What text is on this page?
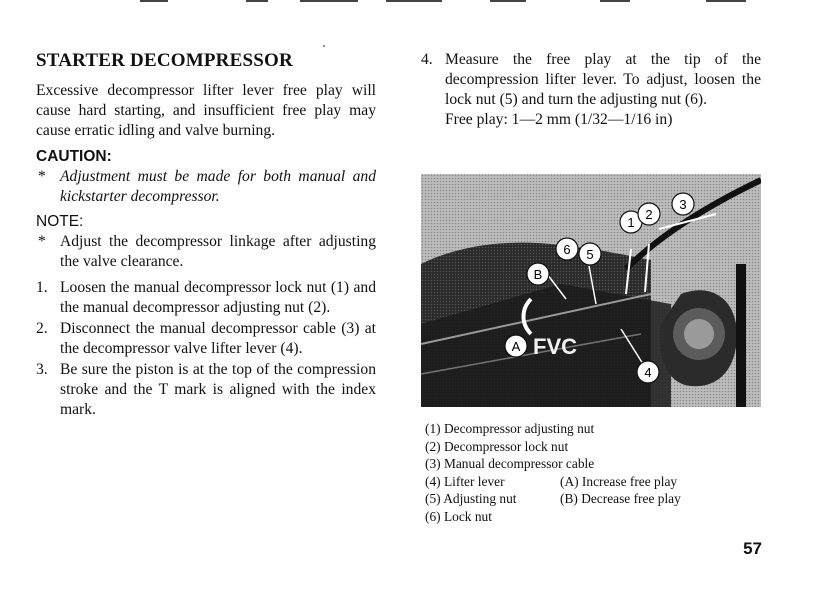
STARTER DECOMPRESSOR

Excessive decompressor lifter lever free play will cause hard starting, and insufficient free play may cause erratic idling and valve burning.

CAUTION:
* Adjustment must be made for both manual and kickstarter decompressor.
NOTE:
* Adjust the decompressor linkage after adjusting the valve clearance.
1. Loosen the manual decompressor lock nut (1) and the manual decompressor adjusting nut (2).
2. Disconnect the manual decompressor cable (3) at the decompressor valve lifter lever (4).
3. Be sure the piston is at the top of the compression stroke and the T mark is aligned with the index mark.
4. Measure the free play at the tip of the decompression lifter lever. To adjust, loosen the lock nut (5) and turn the adjusting nut (6).
Free play: 1—2 mm (1/32—1/16 in)
1
2
3
6 5
B
A
4
FVC
(1) Decompressor adjusting nut
(2) Decompressor lock nut
(3) Manual decompressor cable
(4) Lifter lever	(A) Increase free play
(5) Adjusting nut	(B) Decrease free play
(6) Lock nut
57
